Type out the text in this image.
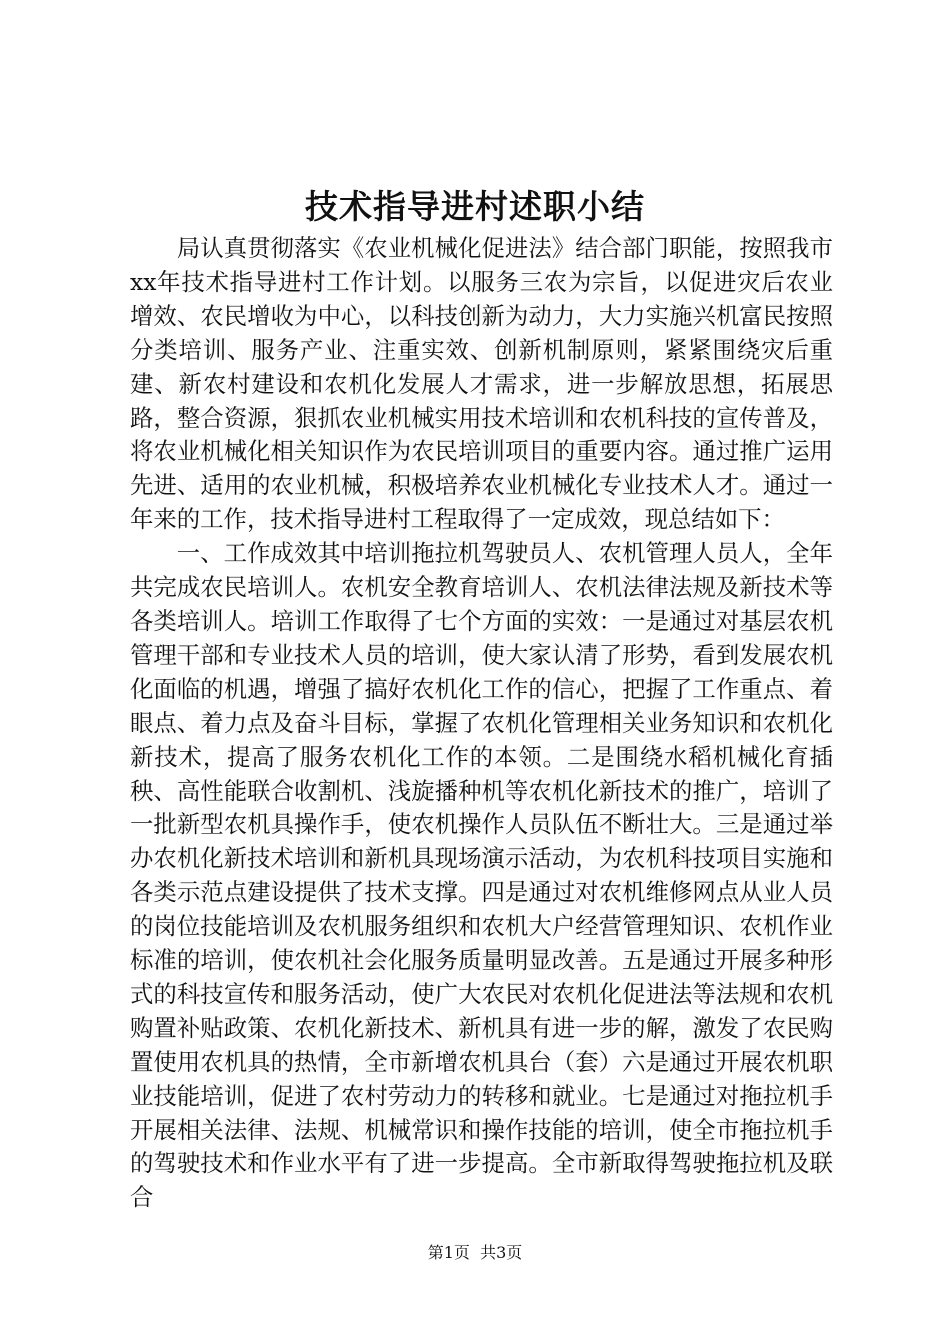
技术指导进村述职小结

局认真贯彻落实《农业机械化促进法》结合部门职能，按照我市xx年技术指导进村工作计划。以服务三农为宗旨，以促进灾后农业增效、农民增收为中心，以科技创新为动力，大力实施兴机富民按照分类培训、服务产业、注重实效、创新机制原则，紧紧围绕灾后重建、新农村建设和农机化发展人才需求，进一步解放思想，拓展思路，整合资源，狠抓农业机械实用技术培训和农机科技的宣传普及，将农业机械化相关知识作为农民培训项目的重要内容。通过推广运用先进、适用的农业机械，积极培养农业机械化专业技术人才。通过一年来的工作，技术指导进村工程取得了一定成效，现总结如下：

一、工作成效其中培训拖拉机驾驶员人、农机管理人员人，全年共完成农民培训人。农机安全教育培训人、农机法律法规及新技术等各类培训人。培训工作取得了七个方面的实效：一是通过对基层农机管理干部和专业技术人员的培训，使大家认清了形势，看到发展农机化面临的机遇，增强了搞好农机化工作的信心，把握了工作重点、着眼点、着力点及奋斗目标，掌握了农机化管理相关业务知识和农机化新技术，提高了服务农机化工作的本领。二是围绕水稻机械化育插秧、高性能联合收割机、浅旋播种机等农机化新技术的推广，培训了一批新型农机具操作手，使农机操作人员队伍不断壮大。三是通过举办农机化新技术培训和新机具现场演示活动，为农机科技项目实施和各类示范点建设提供了技术支撑。四是通过对农机维修网点从业人员的岗位技能培训及农机服务组织和农机大户经营管理知识、农机作业标准的培训，使农机社会化服务质量明显改善。五是通过开展多种形式的科技宣传和服务活动，使广大农民对农机化促进法等法规和农机购置补贴政策、农机化新技术、新机具有进一步的解，激发了农民购置使用农机具的热情，全市新增农机具台（套）六是通过开展农机职业技能培训，促进了农村劳动力的转移和就业。七是通过对拖拉机手开展相关法律、法规、机械常识和操作技能的培训，使全市拖拉机手的驾驶技术和作业水平有了进一步提高。全市新取得驾驶拖拉机及联合

第1页  共3页
